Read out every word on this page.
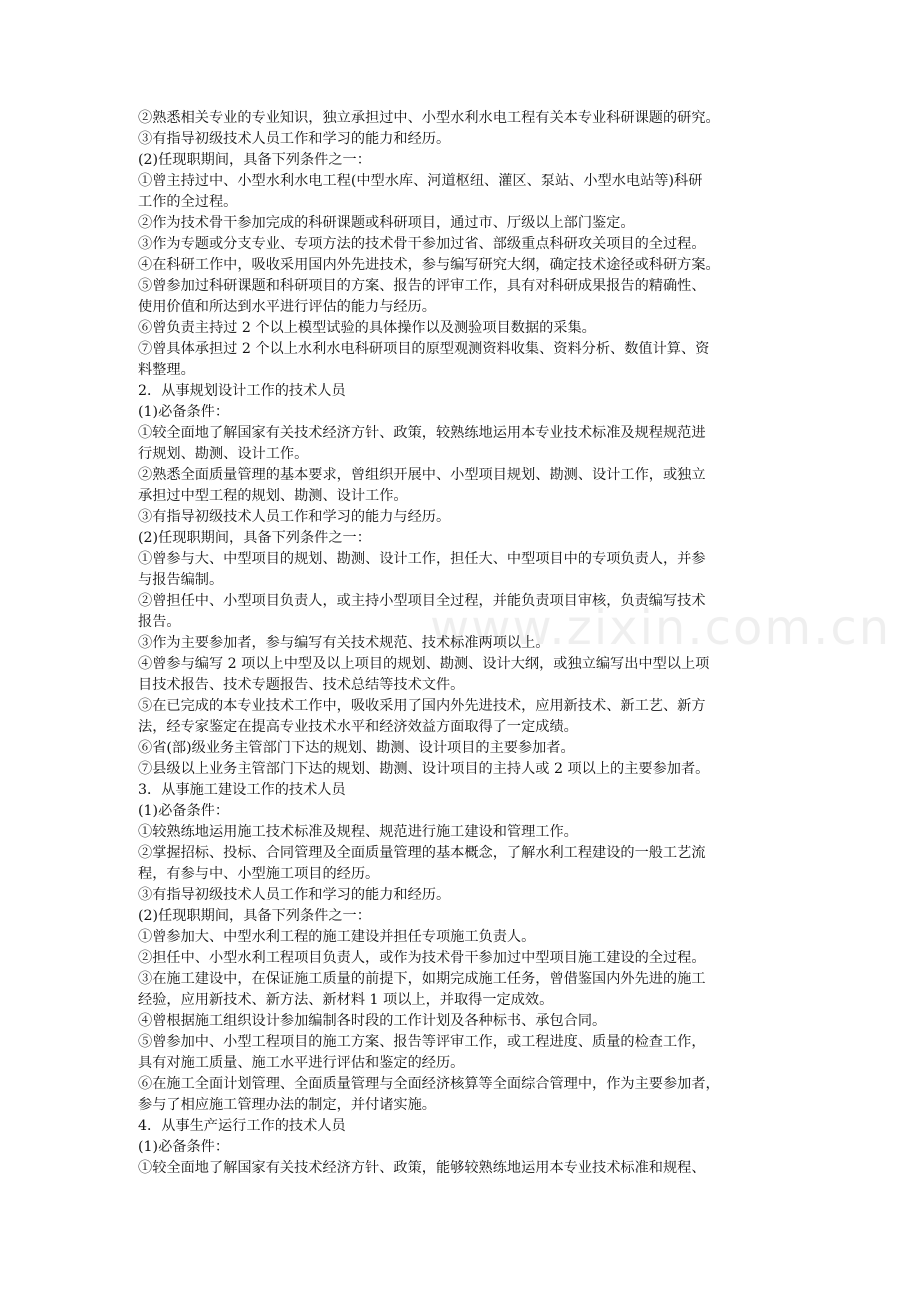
www.zixin.com.cn
②熟悉相关专业的专业知识，独立承担过中、小型水利水电工程有关本专业科研课题的研究。
③有指导初级技术人员工作和学习的能力和经历。
(2)任现职期间，具备下列条件之一：
①曾主持过中、小型水利水电工程(中型水库、河道枢纽、灌区、泵站、小型水电站等)科研
工作的全过程。
②作为技术骨干参加完成的科研课题或科研项目，通过市、厅级以上部门鉴定。
③作为专题或分支专业、专项方法的技术骨干参加过省、部级重点科研攻关项目的全过程。
④在科研工作中，吸收采用国内外先进技术，参与编写研究大纲，确定技术途径或科研方案。
⑤曾参加过科研课题和科研项目的方案、报告的评审工作，具有对科研成果报告的精确性、
使用价值和所达到水平进行评估的能力与经历。
⑥曾负责主持过 2 个以上模型试验的具体操作以及测验项目数据的采集。
⑦曾具体承担过 2 个以上水利水电科研项目的原型观测资料收集、资料分析、数值计算、资
料整理。
2．从事规划设计工作的技术人员
(1)必备条件：
①较全面地了解国家有关技术经济方针、政策，较熟练地运用本专业技术标准及规程规范进
行规划、勘测、设计工作。
②熟悉全面质量管理的基本要求，曾组织开展中、小型项目规划、勘测、设计工作，或独立
承担过中型工程的规划、勘测、设计工作。
③有指导初级技术人员工作和学习的能力与经历。
(2)任现职期间，具备下列条件之一：
①曾参与大、中型项目的规划、勘测、设计工作，担任大、中型项目中的专项负责人，并参
与报告编制。
②曾担任中、小型项目负责人，或主持小型项目全过程，并能负责项目审核，负责编写技术
报告。
③作为主要参加者，参与编写有关技术规范、技术标准两项以上。
④曾参与编写 2 项以上中型及以上项目的规划、勘测、设计大纲，或独立编写出中型以上项
目技术报告、技术专题报告、技术总结等技术文件。
⑤在已完成的本专业技术工作中，吸收采用了国内外先进技术，应用新技术、新工艺、新方
法，经专家鉴定在提高专业技术水平和经济效益方面取得了一定成绩。
⑥省(部)级业务主管部门下达的规划、勘测、设计项目的主要参加者。
⑦县级以上业务主管部门下达的规划、勘测、设计项目的主持人或 2 项以上的主要参加者。
3．从事施工建设工作的技术人员
(1)必备条件：
①较熟练地运用施工技术标准及规程、规范进行施工建设和管理工作。
②掌握招标、投标、合同管理及全面质量管理的基本概念，了解水利工程建设的一般工艺流
程，有参与中、小型施工项目的经历。
③有指导初级技术人员工作和学习的能力和经历。
(2)任现职期间，具备下列条件之一：
①曾参加大、中型水利工程的施工建设并担任专项施工负责人。
②担任中、小型水利工程项目负责人，或作为技术骨干参加过中型项目施工建设的全过程。
③在施工建设中，在保证施工质量的前提下，如期完成施工任务，曾借鉴国内外先进的施工
经验，应用新技术、新方法、新材料 1 项以上，并取得一定成效。
④曾根据施工组织设计参加编制各时段的工作计划及各种标书、承包合同。
⑤曾参加中、小型工程项目的施工方案、报告等评审工作，或工程进度、质量的检查工作，
具有对施工质量、施工水平进行评估和鉴定的经历。
⑥在施工全面计划管理、全面质量管理与全面经济核算等全面综合管理中，作为主要参加者，
参与了相应施工管理办法的制定，并付诸实施。
4．从事生产运行工作的技术人员
(1)必备条件：
①较全面地了解国家有关技术经济方针、政策，能够较熟练地运用本专业技术标准和规程、
